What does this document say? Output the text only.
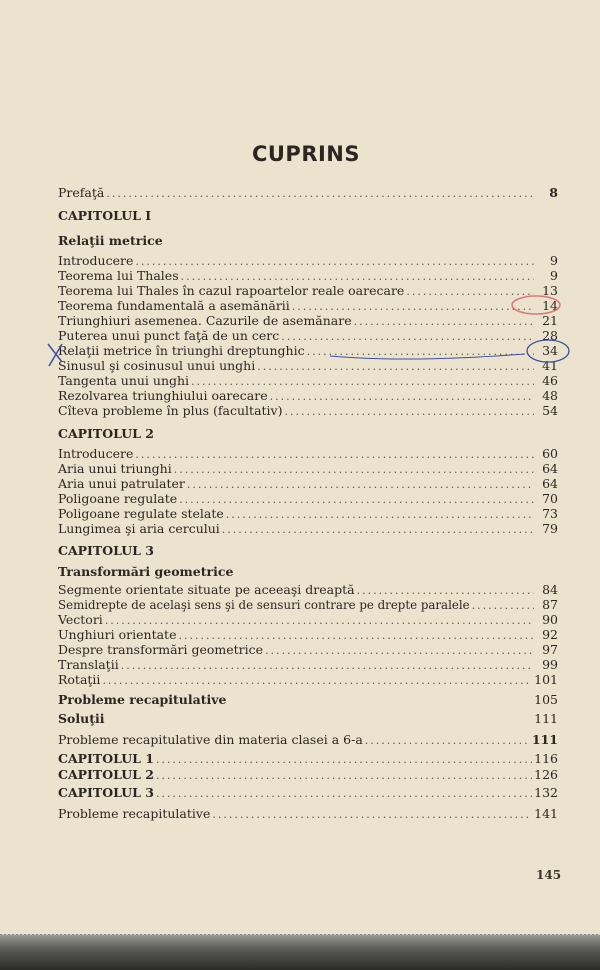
CUPRINS
Prefaţă .....	8
CAPITOLUL I
Relaţii metrice
Introducere .....	9
Teorema lui Thales .....	9
Teorema lui Thales în cazul rapoartelor reale oarecare .....	13
Teorema fundamentală a asemănării .....	14
Triunghiuri asemenea. Cazurile de asemănare .....	21
Puterea unui punct faţă de un cerc .....	28
Relaţii metrice în triunghi dreptunghic .....	34
Sinusul şi cosinusul unui unghi .....	41
Tangenta unui unghi .....	46
Rezolvarea triunghiului oarecare .....	48
Cîteva probleme în plus (facultativ) .....	54
CAPITOLUL 2
Introducere .....	60
Aria unui triunghi .....	64
Aria unui patrulater .....	64
Poligoane regulate .....	70
Poligoane regulate stelate .....	73
Lungimea şi aria cercului .....	79
CAPITOLUL 3
Transformări geometrice
Segmente orientate situate pe aceeaşi dreaptă .....	84
Semidrepte de acelaşi sens şi de sensuri contrare pe drepte paralele .....	87
Vectori .....	90
Unghiuri orientate .....	92
Despre transformări geometrice .....	97
Translaţii .....	99
Rotaţii .....	101
Probleme recapitulative	105
Soluţii	111
Probleme recapitulative din materia clasei a 6-a .....	111
CAPITOLUL 1 .....	116
CAPITOLUL 2 .....	126
CAPITOLUL 3 .....	132
Probleme recapitulative .....	141
145
